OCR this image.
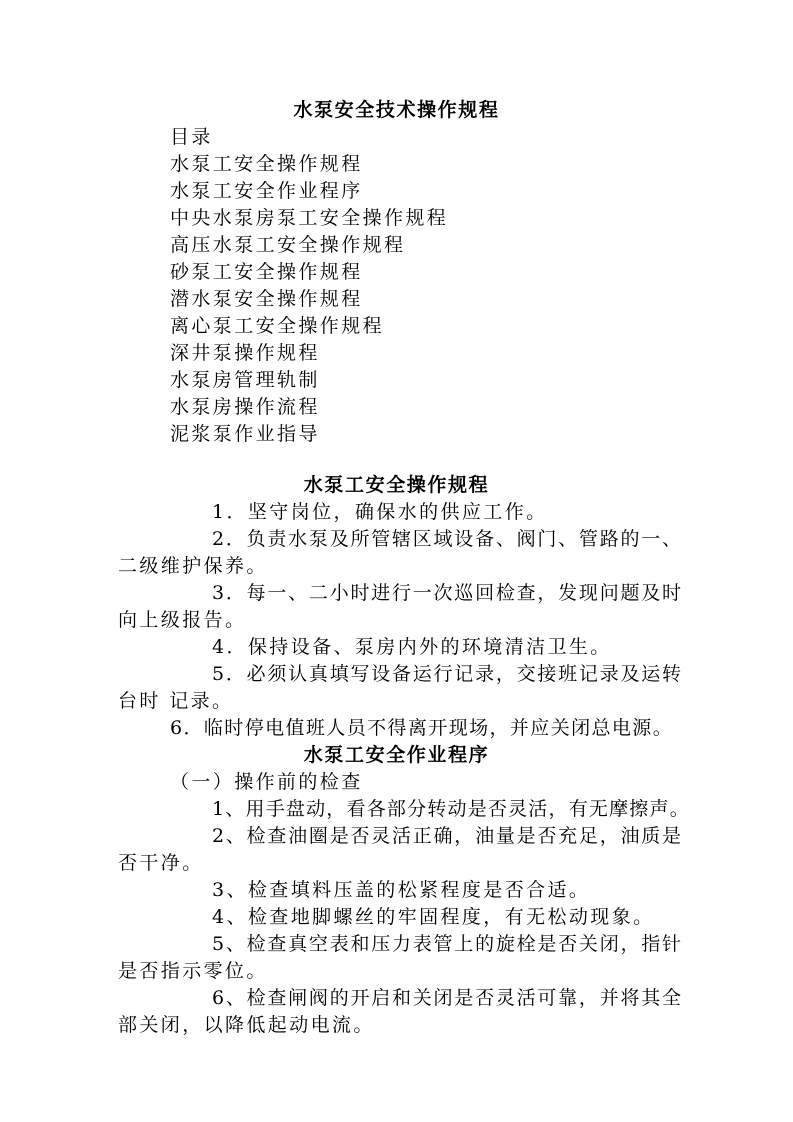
水泵安全技术操作规程
目录
水泵工安全操作规程
水泵工安全作业程序
中央水泵房泵工安全操作规程
高压水泵工安全操作规程
砂泵工安全操作规程
潜水泵安全操作规程
离心泵工安全操作规程
深井泵操作规程
水泵房管理轨制
水泵房操作流程
泥浆泵作业指导
水泵工安全操作规程
1．坚守岗位，确保水的供应工作。
2．负责水泵及所管辖区域设备、阀门、管路的一、
二级维护保养。
3．每一、二小时进行一次巡回检查，发现问题及时
向上级报告。
4．保持设备、泵房内外的环境清洁卫生。
5．必须认真填写设备运行记录，交接班记录及运转
台时 记录。
6．临时停电值班人员不得离开现场，并应关闭总电源。
水泵工安全作业程序
（一）操作前的检查
1、用手盘动，看各部分转动是否灵活，有无摩擦声。
2、检查油圈是否灵活正确，油量是否充足，油质是
否干净。
3、检查填料压盖的松紧程度是否合适。
4、检查地脚螺丝的牢固程度，有无松动现象。
5、检查真空表和压力表管上的旋栓是否关闭，指针
是否指示零位。
6、检查闸阀的开启和关闭是否灵活可靠，并将其全
部关闭，以降低起动电流。
